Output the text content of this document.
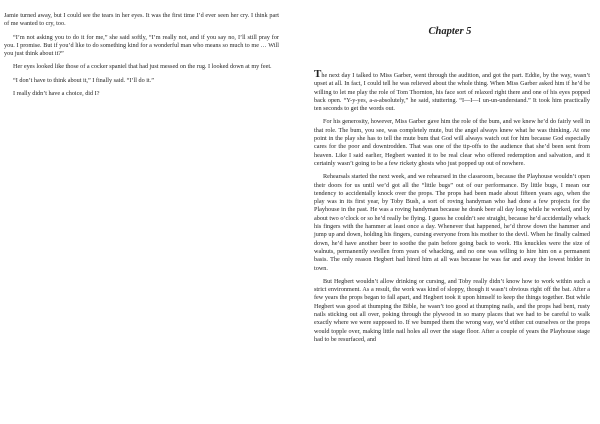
Jamie turned away, but I could see the tears in her eyes. It was the first time I’d ever seen her cry. I think part of me wanted to cry, too.

“I’m not asking you to do it for me,” she said softly, “I’m really not, and if you say no, I’ll still pray for you. I promise. But if you’d like to do something kind for a wonderful man who means so much to me … Will you just think about it?”

Her eyes looked like those of a cocker spaniel that had just messed on the rug. I looked down at my feet.

“I don’t have to think about it,” I finally said. “I’ll do it.”

I really didn’t have a choice, did I?

Chapter 5

The next day I talked to Miss Garber, went through the audition, and got the part. Eddie, by the way, wasn’t upset at all. In fact, I could tell he was relieved about the whole thing. When Miss Garber asked him if he’d be willing to let me play the role of Tom Thornton, his face sort of relaxed right there and one of his eyes popped back open. “Y-y-yes, a-a-absolutely,” he said, stuttering. “I—I—I un-un-understand.” It took him practically ten seconds to get the words out.

For his generosity, however, Miss Garber gave him the role of the bum, and we knew he’d do fairly well in that role. The bum, you see, was completely mute, but the angel always knew what he was thinking. At one point in the play she has to tell the mute bum that God will always watch out for him because God especially cares for the poor and downtrodden. That was one of the tip-offs to the audience that she’d been sent from heaven. Like I said earlier, Hegbert wanted it to be real clear who offered redemption and salvation, and it certainly wasn’t going to be a few rickety ghosts who just popped up out of nowhere.

Rehearsals started the next week, and we rehearsed in the classroom, because the Playhouse wouldn’t open their doors for us until we’d got all the “little bugs” out of our performance. By little bugs, I mean our tendency to accidentally knock over the props. The props had been made about fifteen years ago, when the play was in its first year, by Toby Bush, a sort of roving handyman who had done a few projects for the Playhouse in the past. He was a roving handyman because he drank beer all day long while he worked, and by about two o’clock or so he’d really be flying. I guess he couldn’t see straight, because he’d accidentally whack his fingers with the hammer at least once a day. Whenever that happened, he’d throw down the hammer and jump up and down, holding his fingers, cursing everyone from his mother to the devil. When he finally calmed down, he’d have another beer to soothe the pain before going back to work. His knuckles were the size of walnuts, permanently swollen from years of whacking, and no one was willing to hire him on a permanent basis. The only reason Hegbert had hired him at all was because he was far and away the lowest bidder in town.

But Hegbert wouldn’t allow drinking or cursing, and Toby really didn’t know how to work within such a strict environment. As a result, the work was kind of sloppy, though it wasn’t obvious right off the bat. After a few years the props began to fall apart, and Hegbert took it upon himself to keep the things together. But while Hegbert was good at thumping the Bible, he wasn’t too good at thumping nails, and the props had bent, rusty nails sticking out all over, poking through the plywood in so many places that we had to be careful to walk exactly where we were supposed to. If we bumped them the wrong way, we’d either cut ourselves or the props would topple over, making little nail holes all over the stage floor. After a couple of years the Playhouse stage had to be resurfaced, and
